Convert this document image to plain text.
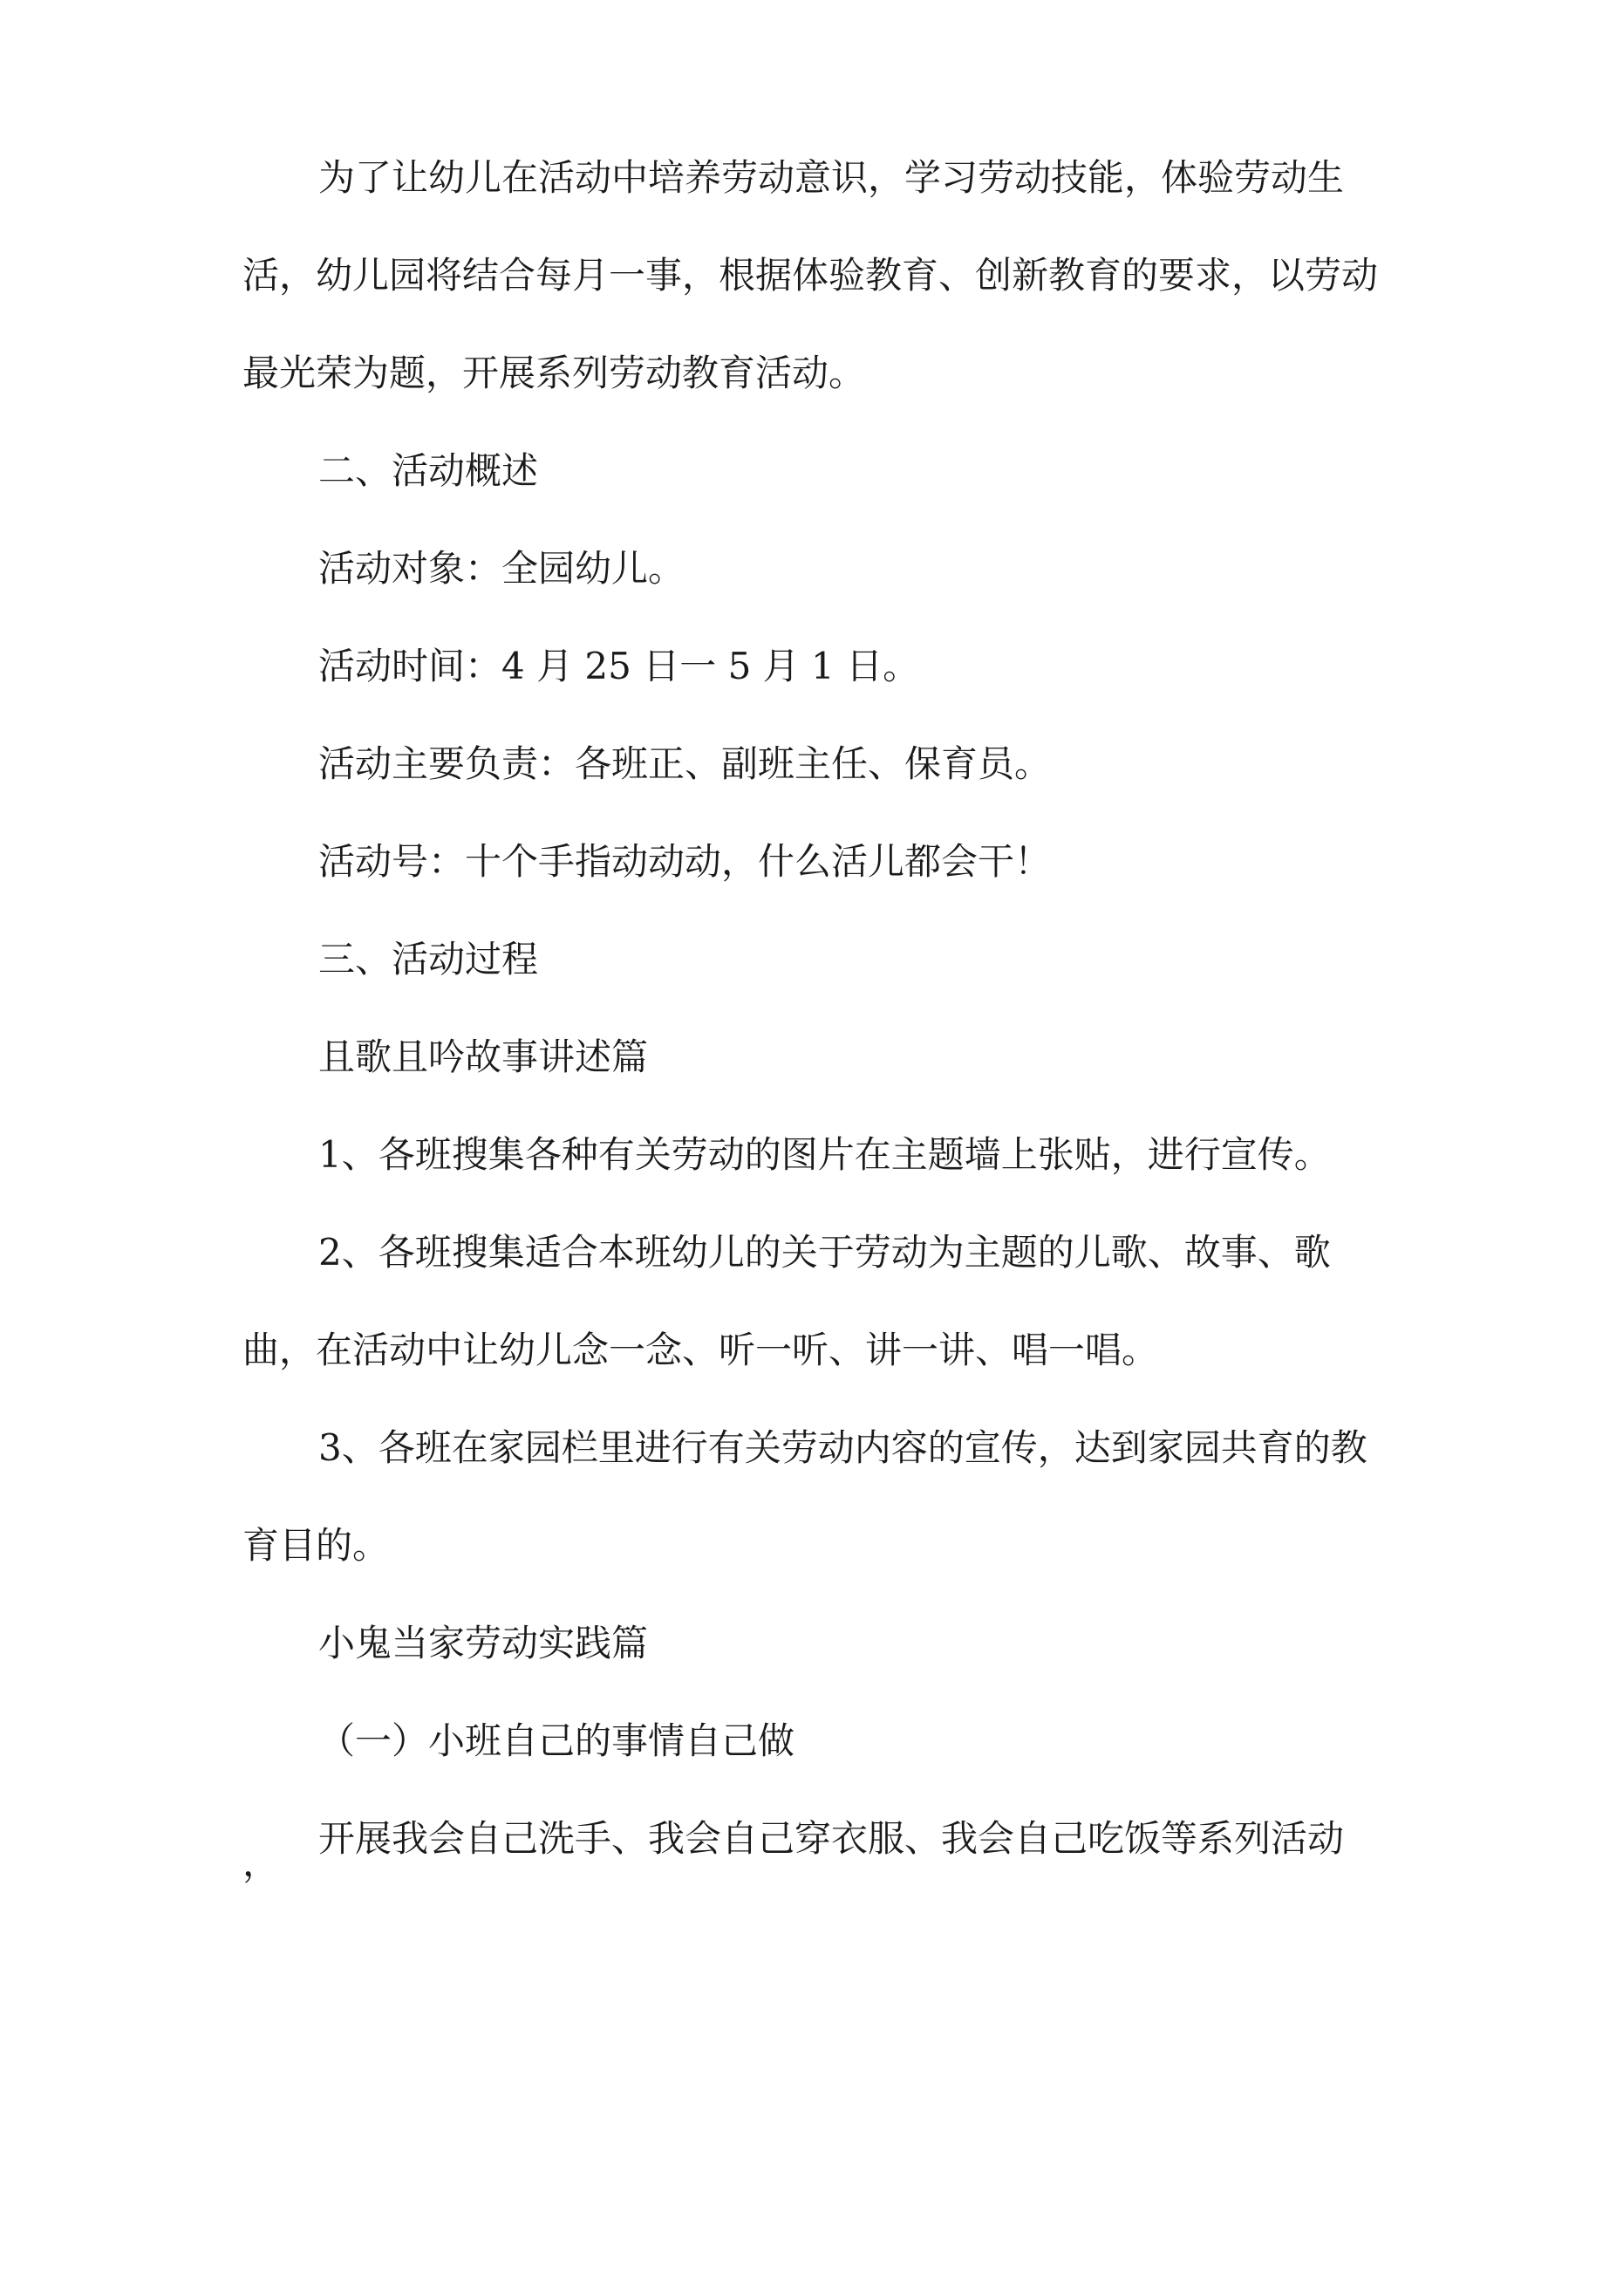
为了让幼儿在活动中培养劳动意识，学习劳动技能，体验劳动生活，幼儿园将结合每月一事，根据体验教育、创新教育的要求，以劳动最光荣为题，开展系列劳动教育活动。

二、活动概述

活动对象：全园幼儿。

活动时间：4 月 25 日一 5 月 1 日。

活动主要负责：各班正、副班主任、保育员。

活动号：十个手指动动动，什么活儿都会干！

三、活动过程

且歌且吟故事讲述篇

1、各班搜集各种有关劳动的图片在主题墙上张贴，进行宣传。

2、各班搜集适合本班幼儿的关于劳动为主题的儿歌、故事、歌曲，在活动中让幼儿念一念、听一听、讲一讲、唱一唱。

3、各班在家园栏里进行有关劳动内容的宣传，达到家园共育的教育目的。

小鬼当家劳动实践篇

（一）小班自己的事情自己做

开展我会自己洗手、我会自己穿衣服、我会自己吃饭等系列活动

，
